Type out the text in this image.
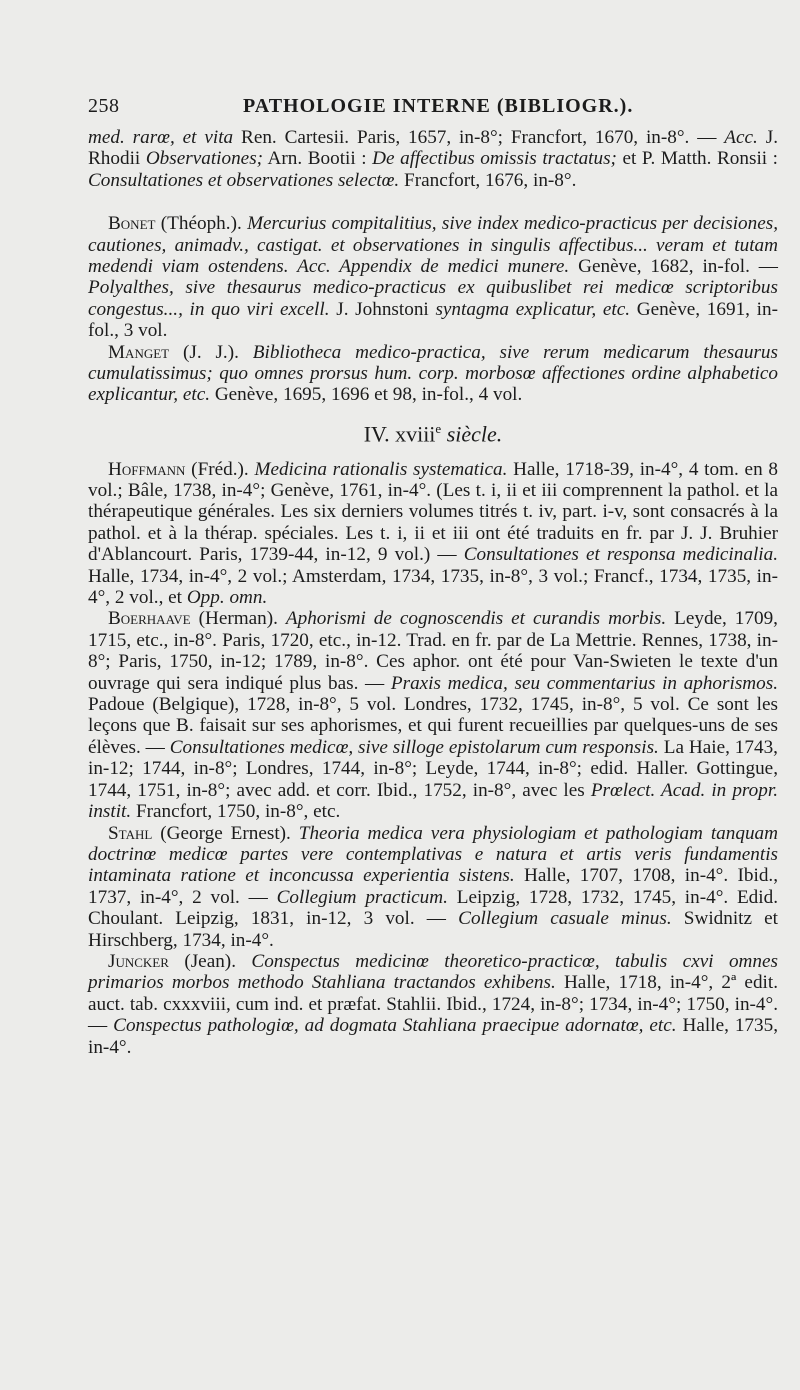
258	PATHOLOGIE INTERNE (BIBLIOGR.).

med. rarœ, et vita Ren. Cartesii. Paris, 1657, in-8°; Francfort, 1670, in-8°. — Acc. J. Rhodii Observationes; Arn. Bootii : De affectibus omissis tractatus; et P. Matth. Ronsii : Consultationes et observationes selectœ. Francfort, 1676, in-8°.

Bonet (Théoph.). Mercurius compitalitius, sive index medico-practicus per decisiones, cautiones, animadv., castigat. et observationes in singulis affectibus... veram et tutam medendi viam ostendens. Acc. Appendix de medici munere. Genève, 1682, in-fol. — Polyalthes, sive thesaurus medico-practicus ex quibuslibet rei medicœ scriptoribus congestus..., in quo viri excell. J. Johnstoni syntagma explicatur, etc. Genève, 1691, in-fol., 3 vol.

Manget (J. J.). Bibliotheca medico-practica, sive rerum medicarum thesaurus cumulatissimus; quo omnes prorsus hum. corp. morbosœ affectiones ordine alphabetico explicantur, etc. Genève, 1695, 1696 et 98, in-fol., 4 vol.

IV. xviii$^e$ siècle.

Hoffmann (Fréd.). Medicina rationalis systematica. Halle, 1718-39, in-4°, 4 tom. en 8 vol.; Bâle, 1738, in-4°; Genève, 1761, in-4°. (Les t. i, ii et iii comprennent la pathol. et la thérapeutique générales. Les six derniers volumes titrés t. iv, part. i-v, sont consacrés à la pathol. et à la thérap. spéciales. Les t. i, ii et iii ont été traduits en fr. par J. J. Bruhier d'Ablancourt. Paris, 1739-44, in-12, 9 vol.) — Consultationes et responsa medicinalia. Halle, 1734, in-4°, 2 vol.; Amsterdam, 1734, 1735, in-8°, 3 vol.; Francf., 1734, 1735, in-4°, 2 vol., et Opp. omn.

Boerhaave (Herman). Aphorismi de cognoscendis et curandis morbis. Leyde, 1709, 1715, etc., in-8°. Paris, 1720, etc., in-12. Trad. en fr. par de La Mettrie. Rennes, 1738, in-8°; Paris, 1750, in-12; 1789, in-8°. Ces aphor. ont été pour Van-Swieten le texte d'un ouvrage qui sera indiqué plus bas. — Praxis medica, seu commentarius in aphorismos. Padoue (Belgique), 1728, in-8°, 5 vol. Londres, 1732, 1745, in-8°, 5 vol. Ce sont les leçons que B. faisait sur ses aphorismes, et qui furent recueillies par quelques-uns de ses élèves. — Consultationes medicœ, sive silloge epistolarum cum responsis. La Haie, 1743, in-12; 1744, in-8°; Londres, 1744, in-8°; Leyde, 1744, in-8°; edid. Haller. Gottingue, 1744, 1751, in-8°; avec add. et corr. Ibid., 1752, in-8°, avec les Prœlect. Acad. in propr. instit. Francfort, 1750, in-8°, etc.

Stahl (George Ernest). Theoria medica vera physiologiam et pathologiam tanquam doctrinœ medicœ partes vere contemplativas e natura et artis veris fundamentis intaminata ratione et inconcussa experientia sistens. Halle, 1707, 1708, in-4°. Ibid., 1737, in-4°, 2 vol. — Collegium practicum. Leipzig, 1728, 1732, 1745, in-4°. Edid. Choulant. Leipzig, 1831, in-12, 3 vol. — Collegium casuale minus. Swidnitz et Hirschberg, 1734, in-4°.

Juncker (Jean). Conspectus medicinœ theoretico-practicœ, tabulis cxvi omnes primarios morbos methodo Stahliana tractandos exhibens. Halle, 1718, in-4°, 2ª edit. auct. tab. cxxxviii, cum ind. et præfat. Stahlii. Ibid., 1724, in-8°; 1734, in-4°; 1750, in-4°. — Conspectus pathologiœ, ad dogmata Stahliana praecipue adornatœ, etc. Halle, 1735, in-4°.
